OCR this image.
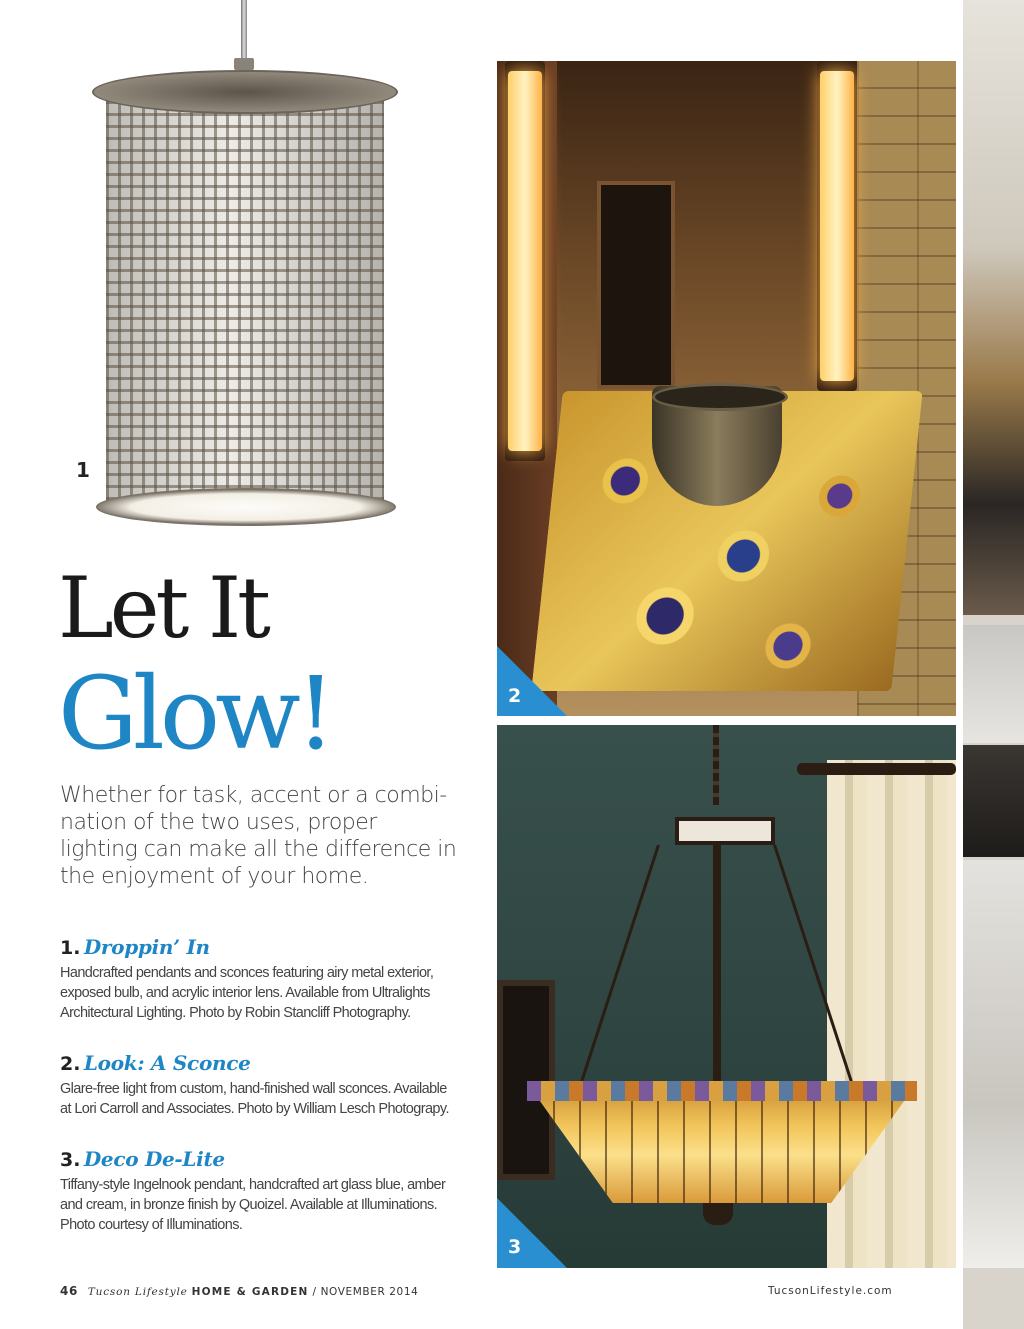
1
Let It
Glow!
Whether for task, accent or a combi-nation of the two uses, proper lighting can make all the difference in the enjoyment of your home.
1. Droppin’ In
Handcrafted pendants and sconces featuring airy metal exterior, exposed bulb, and acrylic interior lens. Available from Ultralights Architectural Lighting. Photo by Robin Stancliff Photography.
2. Look: A Sconce
Glare-free light from custom, hand-finished wall sconces. Available at Lori Carroll and Associates. Photo by William Lesch Photograpy.
3. Deco De-Lite
Tiffany-style Ingelnook pendant, handcrafted art glass blue, amber and cream, in bronze finish by Quoizel. Available at Illuminations. Photo courtesy of Illuminations.
2
3
46 Tucson Lifestyle HOME & GARDEN / NOVEMBER 2014	TucsonLifestyle.com
